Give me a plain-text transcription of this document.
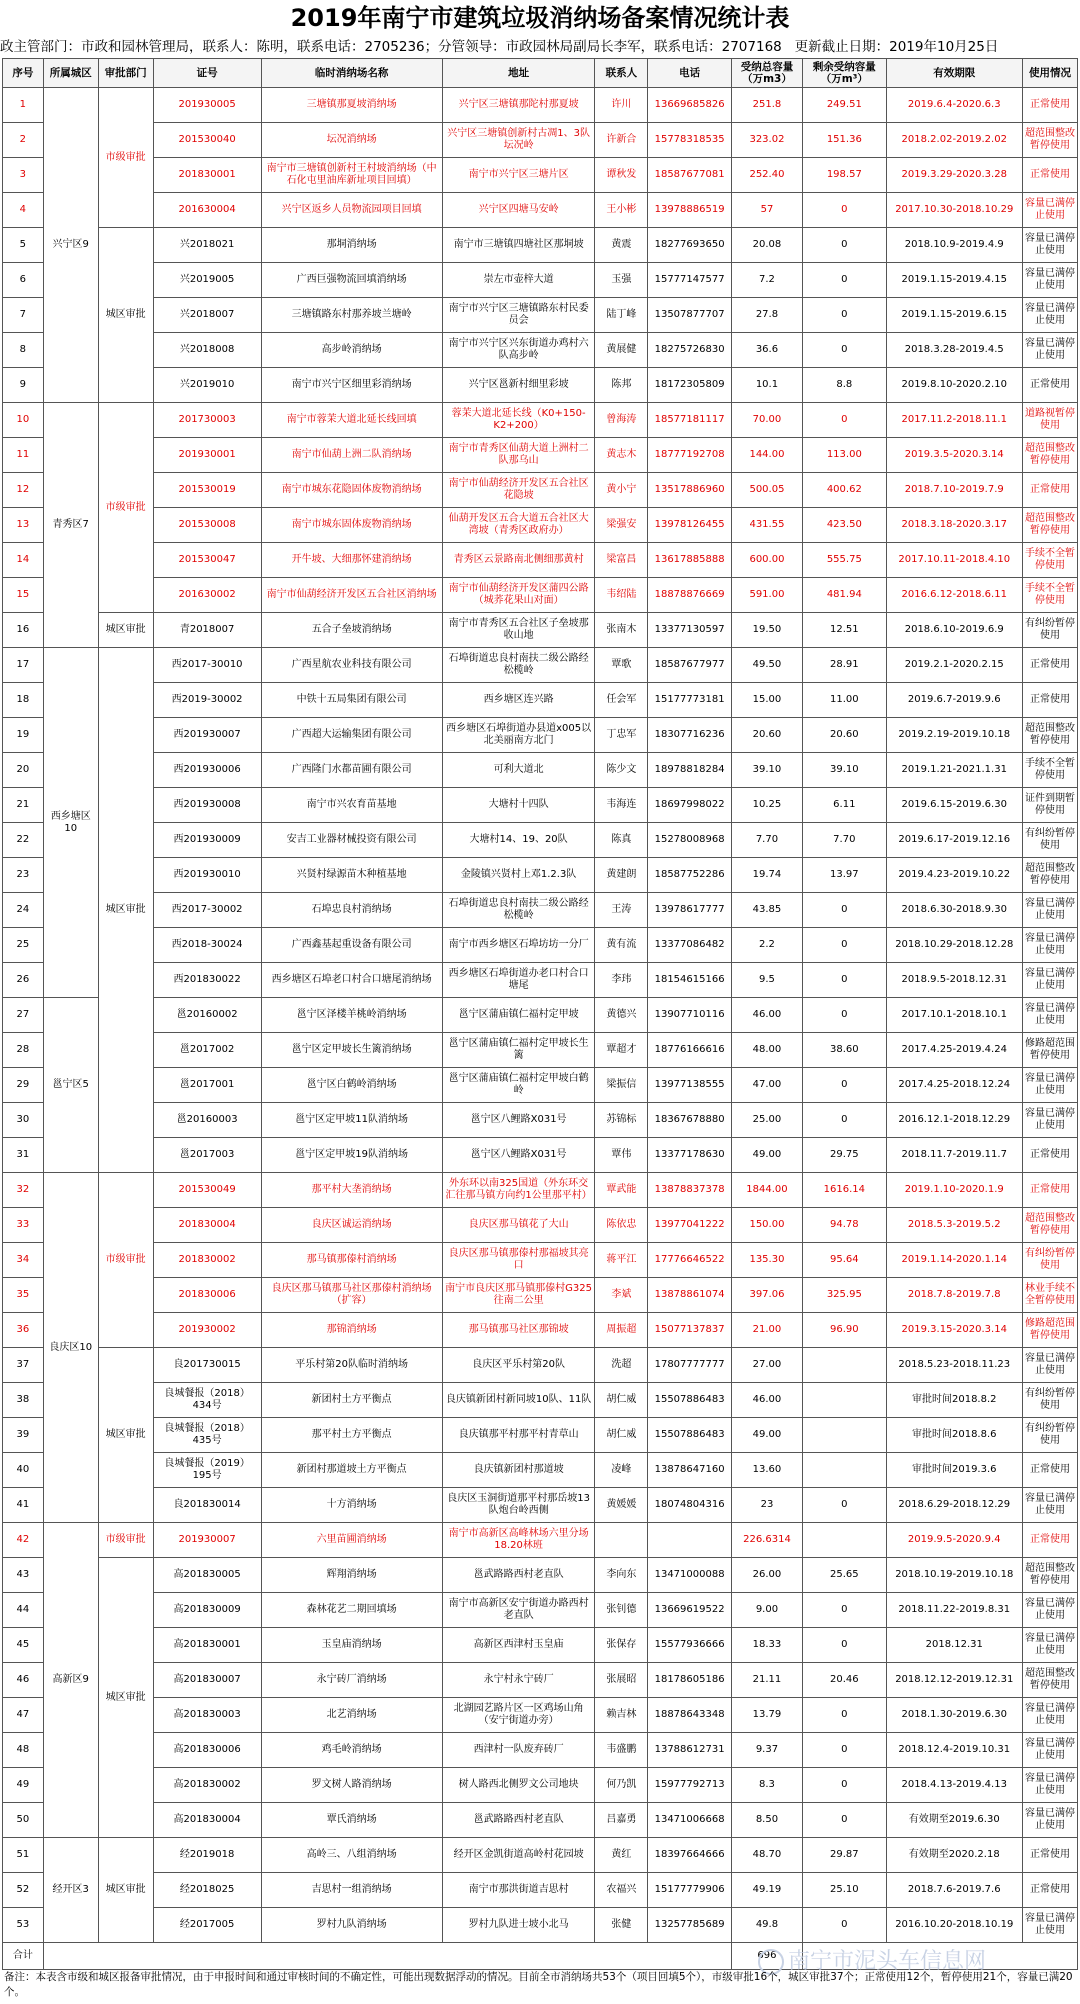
2019年南宁市建筑垃圾消纳场备案情况统计表
政主管部门：市政和园林管理局，联系人：陈明，联系电话：2705236；分管领导：市政园林局副局长李军，联系电话：2707168 更新截止日期：2019年10月25日
序号	所属城区	审批部门	证号	临时消纳场名称	地址	联系人	电话	受纳总容量（万m3）	剩余受纳容量（万m³）	有效期限	使用情况
1	兴宁区9	市级审批	201930005	三塘镇那夏坡消纳场	兴宁区三塘镇那陀村那夏坡	许川	13669685826	251.8	249.51	2019.6.4-2020.6.3	正常使用
2			201530040	坛况消纳场	兴宁区三塘镇创新村古凋1、3队坛况岭	许新合	15778318535	323.02	151.36	2018.2.02-2019.2.02	超范围整改暂停使用
3			201830001	南宁市三塘镇创新村王村坡消纳场（中石化屯里油库新址项目回填）	南宁市兴宁区三塘片区	谭秋发	18587677081	252.40	198.57	2019.3.29-2020.3.28	正常使用
4			201630004	兴宁区返乡人员物流园项目回填	兴宁区四塘马安岭	王小彬	13978886519	57	0	2017.10.30-2018.10.29	容量已满停止使用
5		城区审批	兴2018021	那垌消纳场	南宁市三塘镇四塘社区那垌坡	黄震	18277693650	20.08	0	2018.10.9-2019.4.9	容量已满停止使用
6			兴2019005	广西巨强物流回填消纳场	崇左市壶梓大道	玉强	15777147577	7.2	0	2019.1.15-2019.4.15	容量已满停止使用
7			兴2018007	三塘镇路东村那养坡兰塘岭	南宁市兴宁区三塘镇路东村民委员会	陆丁峰	13507877707	27.8	0	2019.1.15-2019.6.15	容量已满停止使用
8			兴2018008	高步岭消纳场	南宁市兴宁区兴东街道办鸡村六队高步岭	黄展健	18275726830	36.6	0	2018.3.28-2019.4.5	容量已满停止使用
9			兴2019010	南宁市兴宁区细里彩消纳场	兴宁区邕新村细里彩坡	陈邦	18172305809	10.1	8.8	2019.8.10-2020.2.10	正常使用
10	青秀区7	市级审批	201730003	南宁市蓉茉大道北延长线回填	蓉茉大道北延长线（K0+150-K2+200）	曾海涛	18577181117	70.00	0	2017.11.2-2018.11.1	道路视暂停使用
11			201930001	南宁市仙葫上洲二队消纳场	南宁市青秀区仙葫大道上洲村二队那乌山	黄志木	18777192708	144.00	113.00	2019.3.5-2020.3.14	超范围整改暂停使用
12			201530019	南宁市城东花隐固体废物消纳场	南宁市仙葫经济开发区五合社区花隐坡	黄小宁	13517886960	500.05	400.62	2018.7.10-2019.7.9	正常使用
13			201530008	南宁市城东固体废物消纳场	仙葫开发区五合大道五合社区大湾坡（青秀区政府办）	梁强安	13978126455	431.55	423.50	2018.3.18-2020.3.17	超范围整改暂停使用
14			201530047	开牛坡、大细那怀建消纳场	青秀区云景路南北侧细那黄村	梁富昌	13617885888	600.00	555.75	2017.10.11-2018.4.10	手续不全暂停使用
15			201630002	南宁市仙葫经济开发区五合社区消纳场	南宁市仙葫经济开发区蒲四公路（城荞花果山对面）	韦绍陆	18878876669	591.00	481.94	2016.6.12-2018.6.11	手续不全暂停使用
16		城区审批	青2018007	五合子垒坡消纳场	南宁市青秀区五合社区子垒坡那收山地	张南木	13377130597	19.50	12.51	2018.6.10-2019.6.9	有纠纷暂停使用
17	西乡塘区10	城区审批	西2017-30010	广西星航农业科技有限公司	石埠街道忠良村南扶二级公路经松榄岭	覃歌	18587677977	49.50	28.91	2019.2.1-2020.2.15	正常使用
18			西2019-30002	中铁十五局集团有限公司	西乡塘区连兴路	任会军	15177773181	15.00	11.00	2019.6.7-2019.9.6	正常使用
19			西201930007	广西超大运输集团有限公司	西乡塘区石埠街道办县道x005以北美丽南方北门	丁忠军	18307716236	20.60	20.60	2019.2.19-2019.10.18	超范围整改暂停使用
20			西201930006	广西隆门水都苗圃有限公司	可利大道北	陈少文	18978818284	39.10	39.10	2019.1.21-2021.1.31	手续不全暂停使用
21			西201930008	南宁市兴农育苗基地	大塘村十四队	韦海连	18697998022	10.25	6.11	2019.6.15-2019.6.30	证件到期暂停使用
22			西201930009	安吉工业器材械投资有限公司	大塘村14、19、20队	陈真	15278008968	7.70	7.70	2019.6.17-2019.12.16	有纠纷暂停使用
23			西201930010	兴贤村绿源苗木种植基地	金陵镇兴贤村上邓1.2.3队	黄建朗	18587752286	19.74	13.97	2019.4.23-2019.10.22	超范围整改暂停使用
24			西2017-30002	石埠忠良村消纳场	石埠街道忠良村南扶二级公路经松榄岭	王涛	13978617777	43.85	0	2018.6.30-2018.9.30	容量已满停止使用
25			西2018-30024	广西鑫基起重设备有限公司	南宁市西乡塘区石埠坊坊一分厂	黄有流	13377086482	2.2	0	2018.10.29-2018.12.28	容量已满停止使用
26			西201830022	西乡塘区石埠老口村合口塘尾消纳场	西乡塘区石埠街道办老口村合口塘尾	李玮	18154615166	9.5	0	2018.9.5-2018.12.31	容量已满停止使用
27	邕宁区5		邕20160002	邕宁区泽楼羊桃岭消纳场	邕宁区蒲庙镇仁福村定甲坡	黄德兴	13907710116	46.00	0	2017.10.1-2018.10.1	容量已满停止使用
28			邕2017002	邕宁区定甲坡长生篱消纳场	邕宁区蒲庙镇仁福村定甲坡长生篱	覃超才	18776166616	48.00	38.60	2017.4.25-2019.4.24	修路超范围暂停使用
29			邕2017001	邕宁区白鹤岭消纳场	邕宁区蒲庙镇仁福村定甲坡白鹤岭	梁振信	13977138555	47.00	0	2017.4.25-2018.12.24	容量已满停止使用
30			邕20160003	邕宁区定甲坡11队消纳场	邕宁区八鲤路X031号	苏锦标	18367678880	25.00	0	2016.12.1-2018.12.29	容量已满停止使用
31			邕2017003	邕宁区定甲坡19队消纳场	邕宁区八鲤路X031号	覃伟	13377178630	49.00	29.75	2018.11.7-2019.11.7	正常使用
32	良庆区10	市级审批	201530049	那平村大垄消纳场	外东环以南325国道（外东环交汇往那马镇方向约1公里那平村）	覃武能	13878837378	1844.00	1616.14	2019.1.10-2020.1.9	正常使用
33			201830004	良庆区诚运消纳场	良庆区那马镇花了大山	陈依忠	13977041222	150.00	94.78	2018.5.3-2019.5.2	超范围整改暂停使用
34			201830002	那马镇那傣村消纳场	良庆区那马镇那傣村那福坡其亮口	蒋平江	17776646522	135.30	95.64	2019.1.14-2020.1.14	有纠纷暂停使用
35			201830006	良庆区那马镇那马社区那傣村消纳场（扩容）	南宁市良庆区那马镇那傣村G325往南二公里	李斌	13878861074	397.06	325.95	2018.7.8-2019.7.8	林业手续不全暂停使用
36			201930002	那锦消纳场	那马镇那马社区那锦坡	周振超	15077137837	21.00	96.90	2019.3.15-2020.3.14	修路超范围暂停使用
37		城区审批	良201730015	平乐村第20队临时消纳场	良庆区平乐村第20队	洗超	17807777777	27.00		2018.5.23-2018.11.23	容量已满停止使用
38			良城餐报（2018）434号	新团村土方平衡点	良庆镇新团村新同坡10队、11队	胡仁威	15507886483	46.00		审批时间2018.8.2	有纠纷暂停使用
39			良城餐报（2018）435号	那平村土方平衡点	良庆镇那平村那平村青草山	胡仁威	15507886483	49.00		审批时间2018.8.6	有纠纷暂停使用
40			良城餐报（2019）195号	新团村那道坡土方平衡点	良庆镇新团村那道坡	凌峰	13878647160	13.60		审批时间2019.3.6	正常使用
41			良201830014	十方消纳场	良庆区玉洞街道那平村那岳坡13队炮台岭西侧	黄媛媛	18074804316	23	0	2018.6.29-2018.12.29	容量已满停止使用
42	高新区9	市级审批	201930007	六里苗圃消纳场	南宁市高新区高峰林场六里分场18.20林班			226.6314		2019.9.5-2020.9.4	正常使用
43		城区审批	高201830005	辉翔消纳场	邕武路路西村老直队	李向东	13471000088	26.00	25.65	2018.10.19-2019.10.18	超范围整改 暂停使用
44			高201830009	森林花艺二期回填场	南宁市高新区安宁街道办路西村老直队	张钊德	13669619522	9.00	0	2018.11.22-2019.8.31	容量已满停止使用
45			高201830001	玉皇庙消纳场	高新区西津村玉皇庙	张保存	15577936666	18.33	0	2018.12.31	容量已满停止使用
46			高201830007	永宁砖厂消纳场	永宁村永宁砖厂	张展昭	18178605186	21.11	20.46	2018.12.12-2019.12.31	超范围整改 暂停使用
47			高201830003	北艺消纳场	北湖园艺路片区一区鸡场山角（安宁街道办旁）	赖吉林	18878643348	13.79	0	2018.1.30-2019.6.30	容量已满停止使用
48			高201830006	鸡毛岭消纳场	西津村一队废弃砖厂	韦盛鹏	13788612731	9.37	0	2018.12.4-2019.10.31	容量已满停止使用
49			高201830002	罗文树人路消纳场	树人路西北侧罗文公司地块	何乃凯	15977792713	8.3	0	2018.4.13-2019.4.13	容量已满停止使用
50			高201830004	覃氏消纳场	邕武路路西村老直队	吕嘉勇	13471006668	8.50	0	有效期至2019.6.30	容量已满停止使用
51	经开区3	城区审批	经2019018	高岭三、八组消纳场	经开区金凯街道高岭村花园坡	黄红	18397664666	48.70	29.87	有效期至2020.2.18	正常使用
52			经2018025	吉思村一组消纳场	南宁市那洪街道吉思村	农福兴	15177779906	49.19	25.10	2018.7.6-2019.7.6	正常使用
53			经2017005	罗村九队消纳场	罗村九队进士坡小北马	张健	13257785689	49.8	0	2016.10.20-2018.10.19	容量已满停止使用
合计								696			南宁市泥头车信息网
备注：本表含市级和城区报备审批情况，由于申报时间和通过审核时间的不确定性，可能出现数据浮动的情况。目前全市消纳场共53个（项目回填5个），市级审批16个，城区审批37个；正常使用12个，暂停使用21个，容量已满20个。
